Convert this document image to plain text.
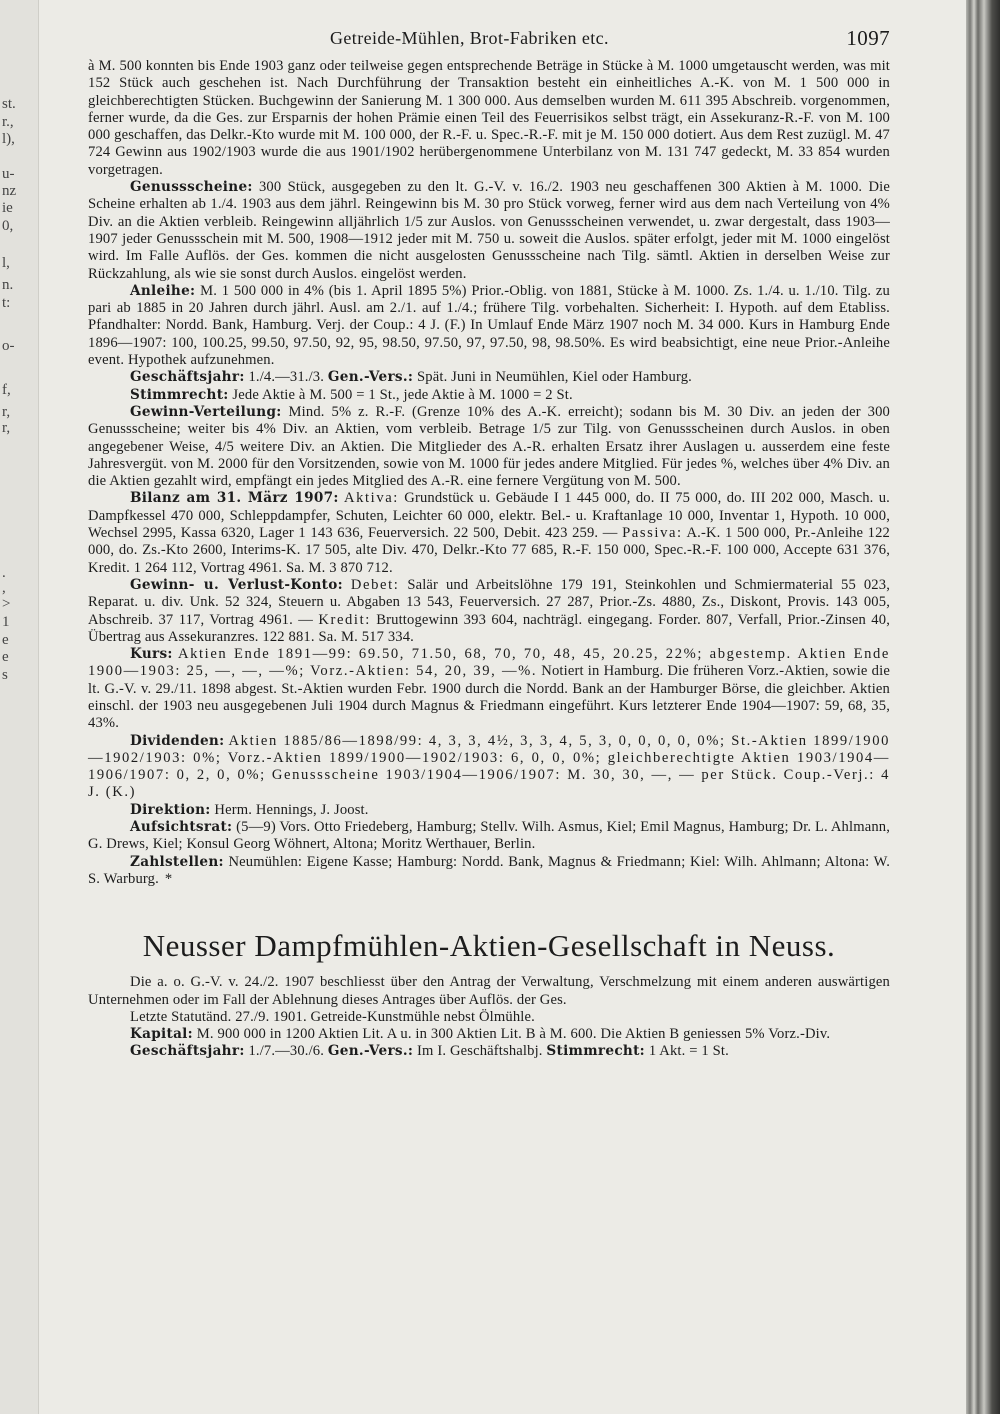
st.
r.,
l),
u-
nz
ie
0,
l,
n.
t:
o-
f,
r,
r,
.
,
>
1
e
e
s
Getreide-Mühlen, Brot-Fabriken etc.	1097

à M. 500 konnten bis Ende 1903 ganz oder teilweise gegen entsprechende Beträge in Stücke à M. 1000 umgetauscht werden, was mit 152 Stück auch geschehen ist. Nach Durchführung der Transaktion besteht ein einheitliches A.-K. von M. 1 500 000 in gleichberechtigten Stücken. Buchgewinn der Sanierung M. 1 300 000. Aus demselben wurden M. 611 395 Abschreib. vorgenommen, ferner wurde, da die Ges. zur Ersparnis der hohen Prämie einen Teil des Feuerrisikos selbst trägt, ein Assekuranz-R.-F. von M. 100 000 geschaffen, das Delkr.-Kto wurde mit M. 100 000, der R.-F. u. Spec.-R.-F. mit je M. 150 000 dotiert. Aus dem Rest zuzügl. M. 47 724 Gewinn aus 1902/1903 wurde die aus 1901/1902 herübergenommene Unterbilanz von M. 131 747 gedeckt, M. 33 854 wurden vorgetragen.

Genussscheine: 300 Stück, ausgegeben zu den lt. G.-V. v. 16./2. 1903 neu geschaffenen 300 Aktien à M. 1000. Die Scheine erhalten ab 1./4. 1903 aus dem jährl. Reingewinn bis M. 30 pro Stück vorweg, ferner wird aus dem nach Verteilung von 4% Div. an die Aktien verbleib. Reingewinn alljährlich 1/5 zur Auslos. von Genussscheinen verwendet, u. zwar dergestalt, dass 1903—1907 jeder Genussschein mit M. 500, 1908—1912 jeder mit M. 750 u. soweit die Auslos. später erfolgt, jeder mit M. 1000 eingelöst wird. Im Falle Auflös. der Ges. kommen die nicht ausgelosten Genussscheine nach Tilg. sämtl. Aktien in derselben Weise zur Rückzahlung, als wie sie sonst durch Auslos. eingelöst werden.

Anleihe: M. 1 500 000 in 4% (bis 1. April 1895 5%) Prior.-Oblig. von 1881, Stücke à M. 1000. Zs. 1./4. u. 1./10. Tilg. zu pari ab 1885 in 20 Jahren durch jährl. Ausl. am 2./1. auf 1./4.; frühere Tilg. vorbehalten. Sicherheit: I. Hypoth. auf dem Etabliss. Pfandhalter: Nordd. Bank, Hamburg. Verj. der Coup.: 4 J. (F.) In Umlauf Ende März 1907 noch M. 34 000. Kurs in Hamburg Ende 1896—1907: 100, 100.25, 99.50, 97.50, 92, 95, 98.50, 97.50, 97, 97.50, 98, 98.50%. Es wird beabsichtigt, eine neue Prior.-Anleihe event. Hypothek aufzunehmen.

Geschäftsjahr: 1./4.—31./3. Gen.-Vers.: Spät. Juni in Neumühlen, Kiel oder Hamburg.

Stimmrecht: Jede Aktie à M. 500 = 1 St., jede Aktie à M. 1000 = 2 St.

Gewinn-Verteilung: Mind. 5% z. R.-F. (Grenze 10% des A.-K. erreicht); sodann bis M. 30 Div. an jeden der 300 Genussscheine; weiter bis 4% Div. an Aktien, vom verbleib. Betrage 1/5 zur Tilg. von Genussscheinen durch Auslos. in oben angegebener Weise, 4/5 weitere Div. an Aktien. Die Mitglieder des A.-R. erhalten Ersatz ihrer Auslagen u. ausserdem eine feste Jahresvergüt. von M. 2000 für den Vorsitzenden, sowie von M. 1000 für jedes andere Mitglied. Für jedes %, welches über 4% Div. an die Aktien gezahlt wird, empfängt ein jedes Mitglied des A.-R. eine fernere Vergütung von M. 500.

Bilanz am 31. März 1907: Aktiva: Grundstück u. Gebäude I 1 445 000, do. II 75 000, do. III 202 000, Masch. u. Dampfkessel 470 000, Schleppdampfer, Schuten, Leichter 60 000, elektr. Bel.- u. Kraftanlage 10 000, Inventar 1, Hypoth. 10 000, Wechsel 2995, Kassa 6320, Lager 1 143 636, Feuerversich. 22 500, Debit. 423 259. — Passiva: A.-K. 1 500 000, Pr.-Anleihe 122 000, do. Zs.-Kto 2600, Interims-K. 17 505, alte Div. 470, Delkr.-Kto 77 685, R.-F. 150 000, Spec.-R.-F. 100 000, Accepte 631 376, Kredit. 1 264 112, Vortrag 4961. Sa. M. 3 870 712.

Gewinn- u. Verlust-Konto: Debet: Salär und Arbeitslöhne 179 191, Steinkohlen und Schmiermaterial 55 023, Reparat. u. div. Unk. 52 324, Steuern u. Abgaben 13 543, Feuerversich. 27 287, Prior.-Zs. 4880, Zs., Diskont, Provis. 143 005, Abschreib. 37 117, Vortrag 4961. — Kredit: Bruttogewinn 393 604, nachträgl. eingegang. Forder. 807, Verfall, Prior.-Zinsen 40, Übertrag aus Assekuranzres. 122 881. Sa. M. 517 334.

Kurs: Aktien Ende 1891—99: 69.50, 71.50, 68, 70, 70, 48, 45, 20.25, 22%; abgestemp. Aktien Ende 1900—1903: 25, —, —, —%; Vorz.-Aktien: 54, 20, 39, —%. Notiert in Hamburg. Die früheren Vorz.-Aktien, sowie die lt. G.-V. v. 29./11. 1898 abgest. St.-Aktien wurden Febr. 1900 durch die Nordd. Bank an der Hamburger Börse, die gleichber. Aktien einschl. der 1903 neu ausgegebenen Juli 1904 durch Magnus & Friedmann eingeführt. Kurs letzterer Ende 1904—1907: 59, 68, 35, 43%.

Dividenden: Aktien 1885/86—1898/99: 4, 3, 3, 4½, 3, 3, 4, 5, 3, 0, 0, 0, 0, 0%; St.-Aktien 1899/1900—1902/1903: 0%; Vorz.-Aktien 1899/1900—1902/1903: 6, 0, 0, 0%; gleichberechtigte Aktien 1903/1904—1906/1907: 0, 2, 0, 0%; Genussscheine 1903/1904—1906/1907: M. 30, 30, —, — per Stück. Coup.-Verj.: 4 J. (K.)

Direktion: Herm. Hennings, J. Joost.

Aufsichtsrat: (5—9) Vors. Otto Friedeberg, Hamburg; Stellv. Wilh. Asmus, Kiel; Emil Magnus, Hamburg; Dr. L. Ahlmann, G. Drews, Kiel; Konsul Georg Wöhnert, Altona; Moritz Werthauer, Berlin.

Zahlstellen: Neumühlen: Eigene Kasse; Hamburg: Nordd. Bank, Magnus & Friedmann; Kiel: Wilh. Ahlmann; Altona: W. S. Warburg. *

Neusser Dampfmühlen-Aktien-Gesellschaft in Neuss.

Die a. o. G.-V. v. 24./2. 1907 beschliesst über den Antrag der Verwaltung, Verschmelzung mit einem anderen auswärtigen Unternehmen oder im Fall der Ablehnung dieses Antrages über Auflös. der Ges.

Letzte Statutänd. 27./9. 1901. Getreide-Kunstmühle nebst Ölmühle.

Kapital: M. 900 000 in 1200 Aktien Lit. A u. in 300 Aktien Lit. B à M. 600. Die Aktien B geniessen 5% Vorz.-Div.

Geschäftsjahr: 1./7.—30./6. Gen.-Vers.: Im I. Geschäftshalbj. Stimmrecht: 1 Akt. = 1 St.
